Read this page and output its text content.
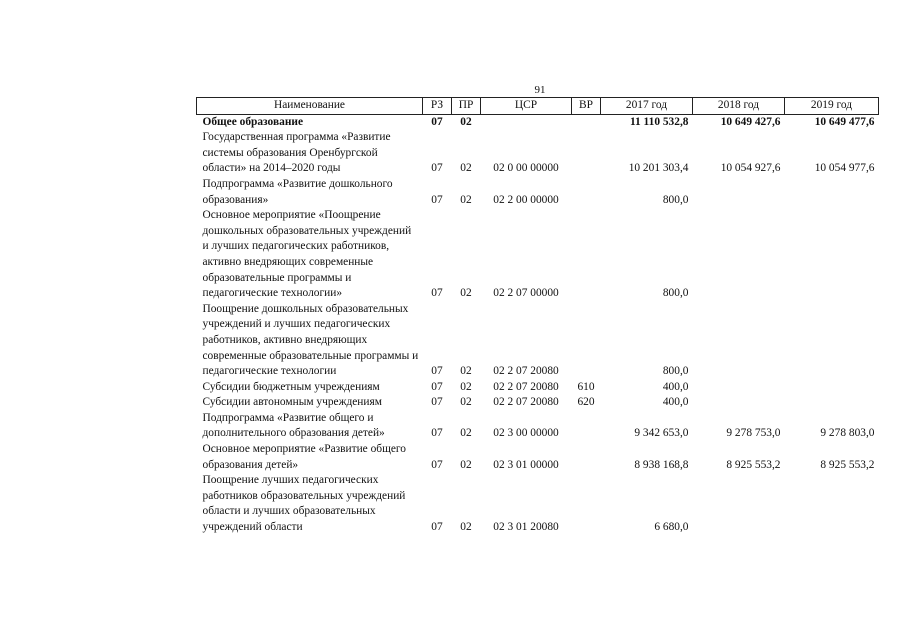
91
Наименование	РЗ	ПР	ЦСР	ВР	2017 год	2018 год	2019 год
Общее образование	07	02			11 110 532,8	10 649 427,6	10 649 477,6
Государственная программа «Развитие системы образования Оренбургской области» на 2014–2020 годы	07	02	02 0 00 00000		10 201 303,4	10 054 927,6	10 054 977,6
Подпрограмма «Развитие дошкольного образования»	07	02	02 2 00 00000		800,0		
Основное мероприятие «Поощрение дошкольных образовательных учреждений и лучших педагогических работников, активно внедряющих современные образовательные программы и педагогические технологии»	07	02	02 2 07 00000		800,0		
Поощрение дошкольных образовательных учреждений и лучших педагогических работников, активно внедряющих современные образовательные программы и педагогические технологии	07	02	02 2 07 20080		800,0		
Субсидии бюджетным учреждениям	07	02	02 2 07 20080	610	400,0		
Субсидии автономным учреждениям	07	02	02 2 07 20080	620	400,0		
Подпрограмма «Развитие общего и дополнительного образования детей»	07	02	02 3 00 00000		9 342 653,0	9 278 753,0	9 278 803,0
Основное мероприятие «Развитие общего образования детей»	07	02	02 3 01 00000		8 938 168,8	8 925 553,2	8 925 553,2
Поощрение лучших педагогических работников образовательных учреждений области и лучших образовательных учреждений области	07	02	02 3 01 20080		6 680,0		
